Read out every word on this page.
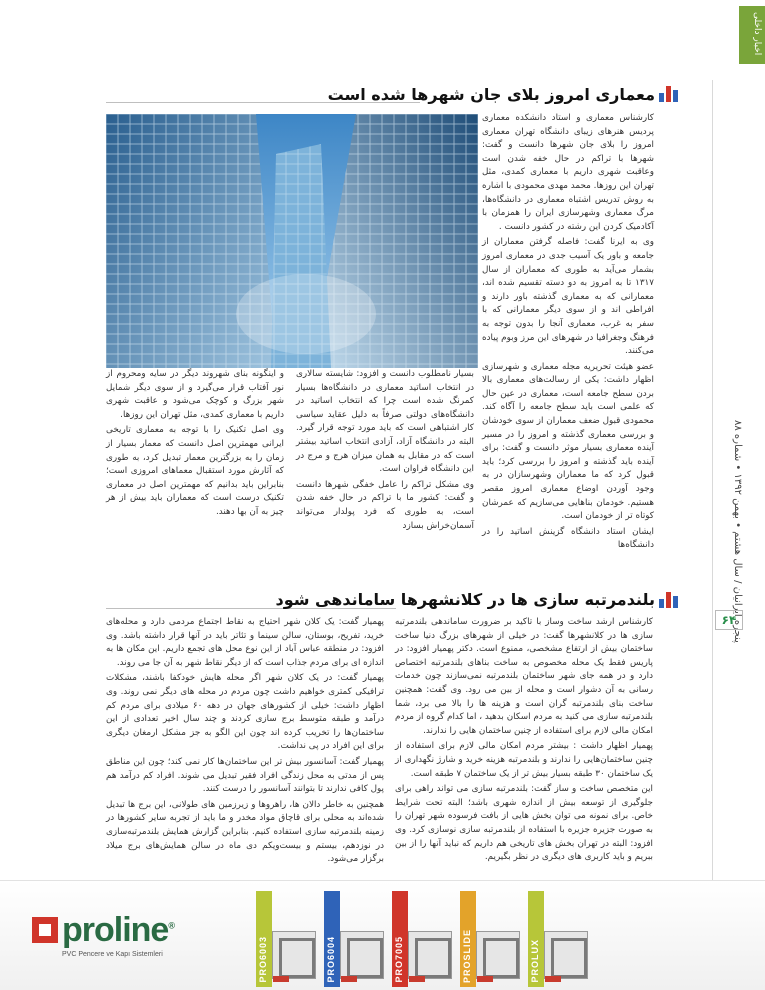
اخبار داخلی
پنجره ایرانیان / سال هشتم • بهمن ۱۳۹۲ • شماره ۸۸
۶۴
معماری امروز بلای جان شهرها شده است

کارشناس معماری و استاد دانشکده معماری پردیس هنرهای زیبای دانشگاه تهران معماری امروز را بلای جان شهرها دانست و گفت: شهرها با تراکم در حال خفه شدن است وعاقبت شهری داریم با معماری کمدی، مثل تهران این روزها. محمد مهدی محمودی با اشاره به روش تدریس اشتباه معماری در دانشگاه‌ها، مرگ معماری وشهرسازی ایران را همزمان با آکادمیک کردن این رشته در کشور دانست .

وی به ایرنا گفت: فاصله گرفتن معماران از جامعه و باور یک آسیب جدی در معماری امروز بشمار می‌آید به طوری که معماران از سال ۱۳۱۷ تا به امروز به دو دسته تقسیم شده اند، معمارانی که به معماری گذشته باور دارند و افراطی اند و از سوی دیگر معمارانی که با سفر به غرب، معماری آنجا را بدون توجه به فرهنگ وجغرافیا در شهرهای این مرز وبوم پیاده می‌کنند.

عضو هیئت تحریریه مجله معماری و شهرسازی اظهار داشت: یکی از رسالت‌های معماری بالا بردن سطح جامعه است، معماری در عین حال که علمی است باید سطح جامعه را آگاه کند. محمودی قبول ضعف معماران از سوی خودشان و بررسی معماری گذشته و امروز را در مسیر آینده معماری بسیار موثر دانست و گفت: برای آینده باید گذشته و امروز را بررسی کرد؛ باید قبول کرد که ما معماران وشهرسازان در به وجود آوردن اوضاع معماری امروز مقصر هستیم. خودمان بناهایی می‌سازیم که عمرشان کوتاه تر از خودمان است.

ایشان استاد دانشگاه گزینش اساتید را در دانشگاه‌ها

بسیار نامطلوب دانست و افزود: شایسته سالاری در انتخاب اساتید معماری در دانشگاه‌ها بسیار کمرنگ شده است چرا که انتخاب اساتید در دانشگاه‌های دولتی صرفاً به دلیل عقاید سیاسی کار اشتباهی است که باید مورد توجه قرار گیرد. البته در دانشگاه آزاد، آزادی انتخاب اساتید بیشتر است که در مقابل به همان میزان هرج و مرج در این دانشگاه فراوان است.

وی مشکل تراکم را عامل خفگی شهرها دانست و گفت: کشور ما با تراکم در حال خفه شدن است، به طوری که فرد پولدار می‌تواند آسمان‌خراش بسازد

و اینگونه بنای شهروند دیگر در سایه ومحروم از نور آفتاب قرار می‌گیرد و از سوی دیگر شمایل شهر بزرگ و کوچک می‌شود و عاقبت شهری داریم با معماری کمدی، مثل تهران این روزها.

وی اصل تکنیک را با توجه به معماری تاریخی ایرانی مهمترین اصل دانست که معمار بسیار از زمان را به بزرگترین معمار تبدیل کرد، به طوری که آثارش مورد استقبال معماهای امروزی است؛ بنابراین باید بدانیم که مهمترین اصل در معماری تکنیک درست است که معماران باید بیش از هر چیز به آن بها دهند.

بلندمرتبه سازی ها در کلانشهرها ساماندهی شود

کارشناس ارشد ساخت وساز با تاکید بر ضرورت ساماندهی بلندمرتبه سازی ها در کلانشهرها گفت: در خیلی از شهرهای بزرگ دنیا ساخت ساختمان بیش از ارتفاع مشخصی، ممنوع است. دکتر پهمیار افزود: در پاریس فقط یک محله مخصوص به ساخت بناهای بلندمرتبه اختصاص دارد و در همه جای شهر ساختمان بلندمرتبه نمی‌سازند چون خدمات رسانی به آن دشوار است و محله از بین می رود. وی گفت: همچنین ساخت بنای بلندمرتبه گران است و هزینه ها را بالا می برد، شما بلندمرتبه سازی می کنید به مردم اسکان بدهید ، اما کدام گروه از مردم امکان مالی لازم برای استفاده از چنین ساختمان هایی را ندارند.

پهمیار اظهار داشت : بیشتر مردم امکان مالی لازم برای استفاده از چنین ساختمان‌هایی را ندارند و بلندمرتبه هزینه خرید و شارژ نگهداری از یک ساختمان ۳۰ طبقه بسیار بیش تر از یک ساختمان ۷ طبقه است.

این متخصص ساخت و ساز گفت: بلندمرتبه سازی می تواند راهی برای جلوگیری از توسعه بیش از اندازه شهری باشد؛ البته تحت شرایط خاص. برای نمونه می توان بخش هایی از بافت فرسوده شهر تهران را به صورت جزیره جزیره با استفاده از بلندمرتبه سازی نوسازی کرد. وی افزود: البته در تهران بخش های تاریخی هم داریم که نباید آنها را از بین ببریم و باید کاربری های دیگری در نظر بگیریم.

پهمیار گفت: یک کلان شهر احتیاج به نقاط اجتماع مردمی دارد و محله‌های خرید، تفریح، بوستان، سالن سینما و تئاتر باید در آنها قرار داشته باشد. وی افزود: در منطقه عباس آباد از این نوع محل های تجمع داریم. این مکان ها به اندازه ای برای مردم جذاب است که از دیگر نقاط شهر به آن جا می روند.

پهمیار گفت: در یک کلان شهر اگر محله هایش خودکفا باشند، مشکلات ترافیکی کمتری خواهیم داشت چون مردم در محله های دیگر نمی روند. وی اظهار داشت: خیلی از کشورهای جهان در دهه ۶۰ میلادی برای مردم کم درآمد و طبقه متوسط برج سازی کردند و چند سال اخیر تعدادی از این ساختمان‌ها را تخریب کرده اند چون این الگو به جز مشکل ارمغان دیگری برای این افراد در پی نداشت.

پهمیار گفت: آسانسور بیش تر این ساختمان‌ها کار نمی کند؛ چون این مناطق پس از مدتی به محل زندگی افراد فقیر تبدیل می شوند. افراد کم درآمد هم پول کافی ندارند تا بتوانند آسانسور را درست کنند.

همچنین به خاطر دالان ها، راهروها و زیرزمین های طولانی، این برج ها تبدیل شده‌اند به محلی برای قاچاق مواد مخدر و ما باید از تجربه سایر کشورها در زمینه بلندمرتبه سازی استفاده کنیم. بنابراین گزارش همایش بلندمرتبه‌سازی در نوزدهم، بیستم و بیست‌ویکم دی ماه در سالن همایش‌های برج میلاد برگزار می‌شود.

proline®
PVC Pencere ve Kapı Sistemleri	PRO6003	PRO6004	PRO7005	PROSLIDE	PROLUX
